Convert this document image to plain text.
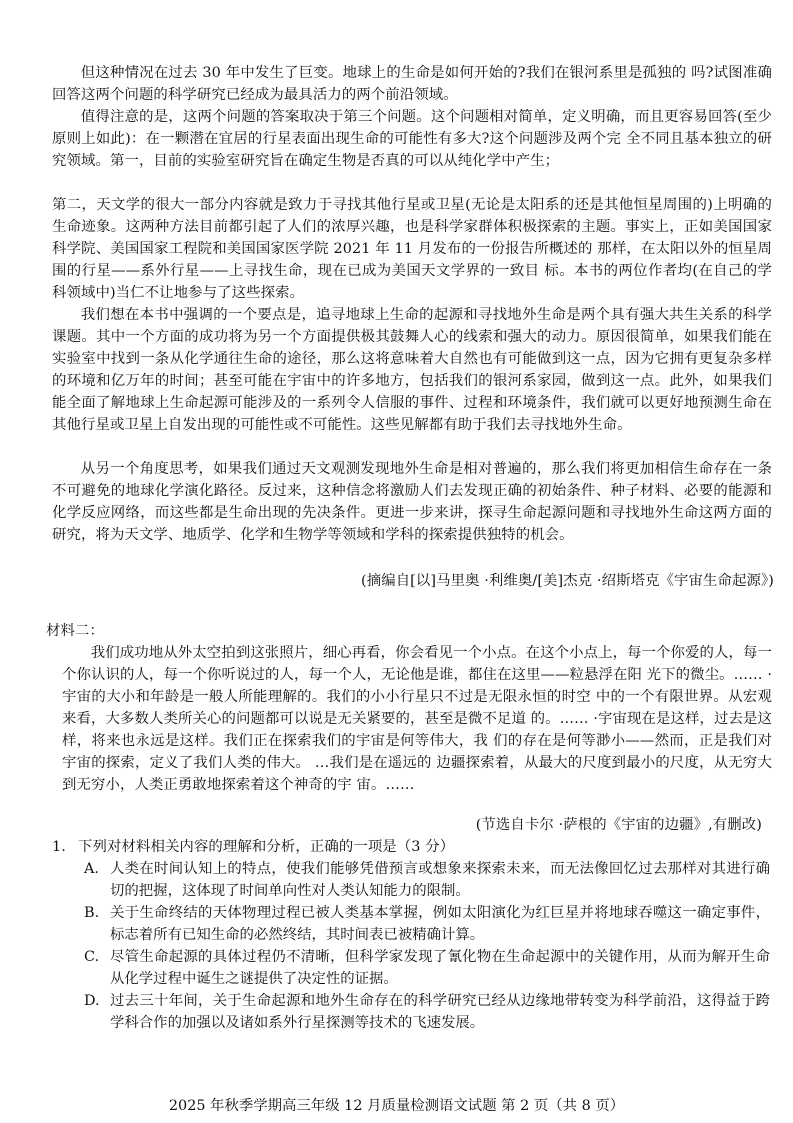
但这种情况在过去 30 年中发生了巨变。地球上的生命是如何开始的?我们在银河系里是孤独的 吗?试图准确回答这两个问题的科学研究已经成为最具活力的两个前沿领域。

值得注意的是，这两个问题的答案取决于第三个问题。这个问题相对简单，定义明确，而且更容易回答(至少原则上如此)：在一颗潜在宜居的行星表面出现生命的可能性有多大?这个问题涉及两个完 全不同且基本独立的研究领域。第一，目前的实验室研究旨在确定生物是否真的可以从纯化学中产生；

第二，天文学的很大一部分内容就是致力于寻找其他行星或卫星(无论是太阳系的还是其他恒星周围的)上明确的生命迹象。这两种方法目前都引起了人们的浓厚兴趣，也是科学家群体积极探索的主题。事实上，正如美国国家科学院、美国国家工程院和美国国家医学院 2021 年 11 月发布的一份报告所概述的 那样，在太阳以外的恒星周围的行星——系外行星——上寻找生命，现在已成为美国天文学界的一致目 标。本书的两位作者均(在自己的学科领域中)当仁不让地参与了这些探索。

我们想在本书中强调的一个要点是，追寻地球上生命的起源和寻找地外生命是两个具有强大共生关系的科学课题。其中一个方面的成功将为另一个方面提供极其鼓舞人心的线索和强大的动力。原因很简单，如果我们能在实验室中找到一条从化学通往生命的途径，那么这将意味着大自然也有可能做到这一点，因为它拥有更复杂多样的环境和亿万年的时间；甚至可能在宇宙中的许多地方，包括我们的银河系家园，做到这一点。此外，如果我们能全面了解地球上生命起源可能涉及的一系列令人信服的事件、过程和环境条件，我们就可以更好地预测生命在其他行星或卫星上自发出现的可能性或不可能性。这些见解都有助于我们去寻找地外生命。

从另一个角度思考，如果我们通过天文观测发现地外生命是相对普遍的，那么我们将更加相信生命存在一条不可避免的地球化学演化路径。反过来，这种信念将激励人们去发现正确的初始条件、种子材料、必要的能源和化学反应网络，而这些都是生命出现的先决条件。更进一步来讲，探寻生命起源问题和寻找地外生命这两方面的研究，将为天文学、地质学、化学和生物学等领域和学科的探索提供独特的机会。

(摘编自[以]马里奥 ·利维奥/[美]杰克 ·绍斯塔克《宇宙生命起源》)

材料二：

我们成功地从外太空拍到这张照片，细心再看，你会看见一个小点。在这个小点上，每一个你爱的人，每一个你认识的人，每一个你听说过的人，每一个人，无论他是谁，都住在这里——粒悬浮在阳 光下的微尘。…… ·宇宙的大小和年龄是一般人所能理解的。我们的小小行星只不过是无限永恒的时空 中的一个有限世界。从宏观来看，大多数人类所关心的问题都可以说是无关紧要的，甚至是微不足道 的。…… ·宇宙现在是这样，过去是这样，将来也永远是这样。我们正在探索我们的宇宙是何等伟大，我 们的存在是何等渺小——然而，正是我们对宇宙的探索，定义了我们人类的伟大。 …我们是在遥远的 边疆探索着，从最大的尺度到最小的尺度，从无穷大到无穷小，人类正勇敢地探索着这个神奇的宇 宙。……

(节选自卡尔 ·萨根的《宇宙的边疆》,有删改)

1. 下列对材料相关内容的理解和分析，正确的一项是（3 分）
A. 人类在时间认知上的特点，使我们能够凭借预言或想象来探索未来，而无法像回忆过去那样对其进行确切的把握，这体现了时间单向性对人类认知能力的限制。
B. 关于生命终结的天体物理过程已被人类基本掌握，例如太阳演化为红巨星并将地球吞噬这一确定事件，标志着所有已知生命的必然终结，其时间表已被精确计算。
C. 尽管生命起源的具体过程仍不清晰，但科学家发现了氰化物在生命起源中的关键作用，从而为解开生命从化学过程中诞生之谜提供了决定性的证据。
D. 过去三十年间，关于生命起源和地外生命存在的科学研究已经从边缘地带转变为科学前沿，这得益于跨学科合作的加强以及诸如系外行星探测等技术的飞速发展。
2025 年秋季学期高三年级 12 月质量检测语文试题 第 2 页（共 8 页）
